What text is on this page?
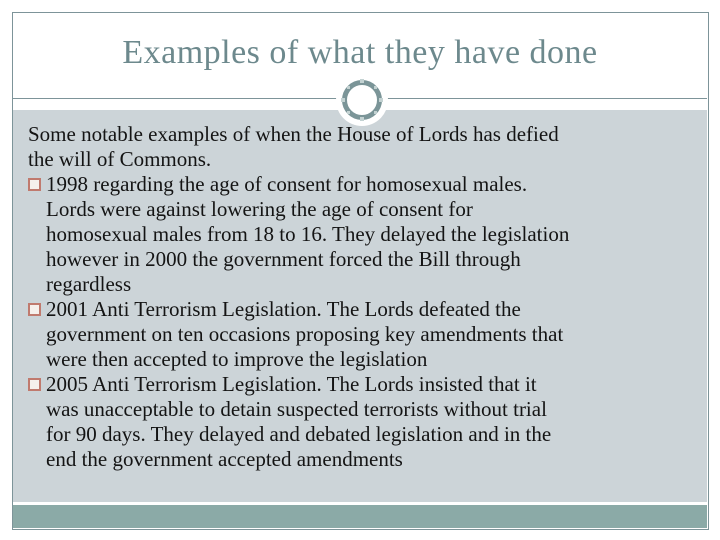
Examples of what they have done

Some notable examples of when the House of Lords has defied
the will of Commons.

1998 regarding the age of consent for homosexual males.
Lords were against lowering the age of consent for
homosexual males from 18 to 16. They delayed the legislation
however in 2000 the government forced the Bill through
regardless
2001 Anti Terrorism Legislation. The Lords defeated the
government on ten occasions proposing key amendments that
were then accepted to improve the legislation
2005 Anti Terrorism Legislation. The Lords insisted that it
was unacceptable to detain suspected terrorists without trial
for 90 days. They delayed and debated legislation and in the
end the government accepted amendments
